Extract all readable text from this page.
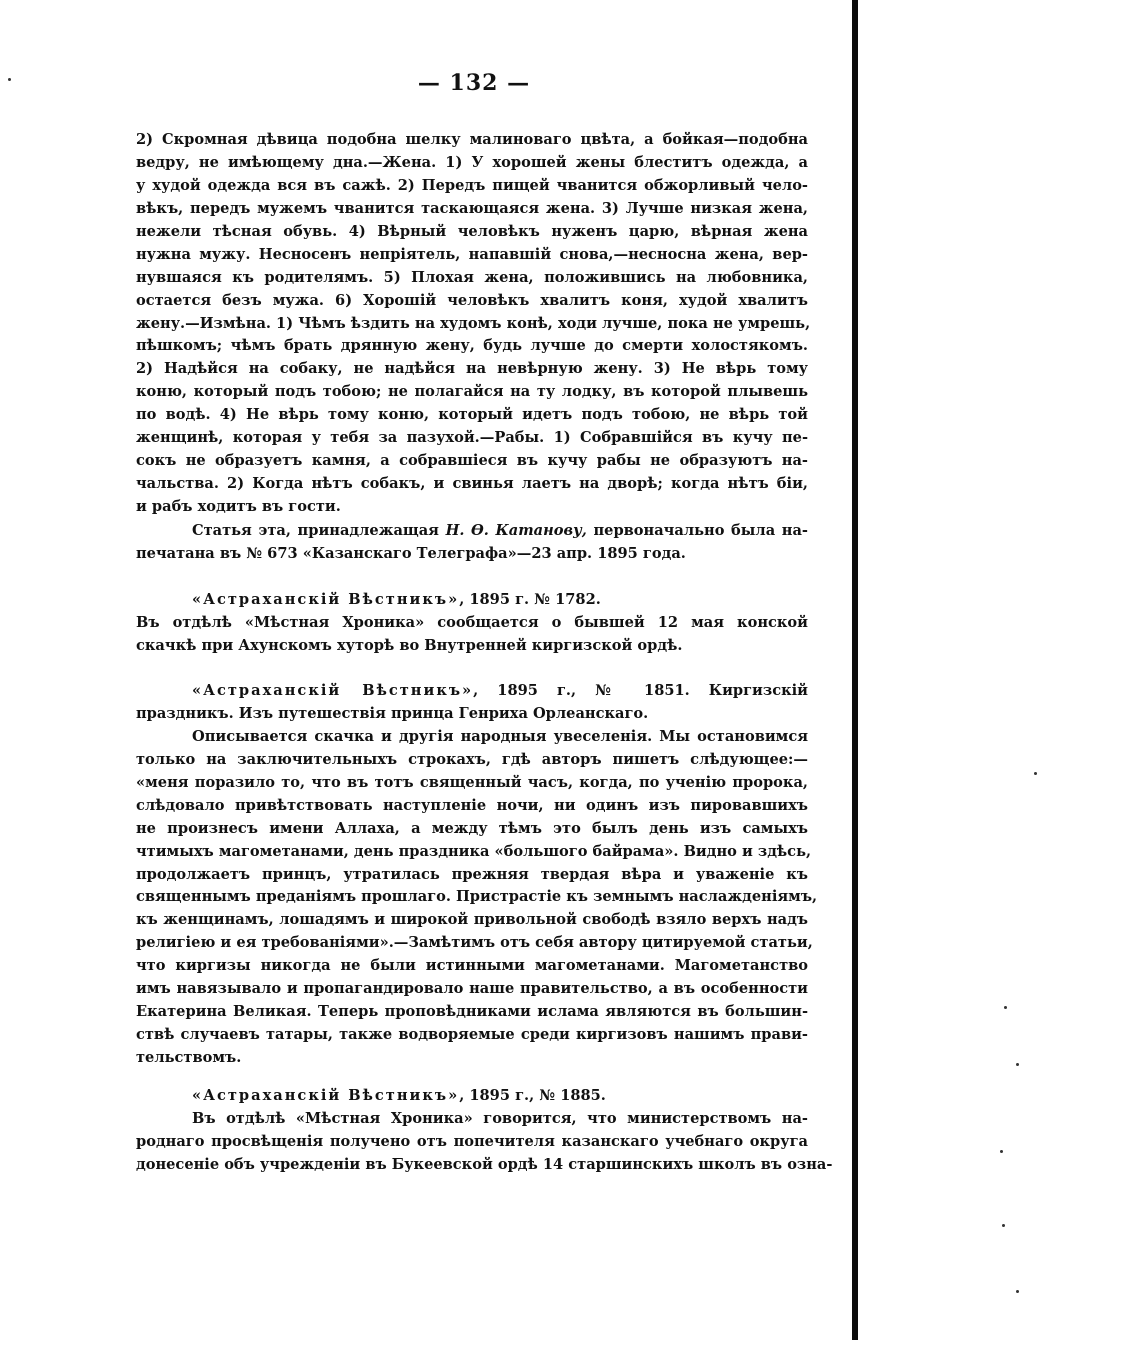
— 132 —
2) Скромная дѣвица подобна шелку малиноваго цвѣта, а бойкая—подобна
ведру, не имѣющему дна.—Жена. 1) У хорошей жены блеститъ одежда, а
у худой одежда вся въ сажѣ. 2) Передъ пищей чванится обжорливый чело-
вѣкъ, передъ мужемъ чванится таскающаяся жена. 3) Лучше низкая жена,
нежели тѣсная обувь. 4) Вѣрный человѣкъ нуженъ царю, вѣрная жена
нужна мужу. Несносенъ непріятель, напавшій снова,—несносна жена, вер-
нувшаяся къ родителямъ. 5) Плохая жена, положившись на любовника,
остается безъ мужа. 6) Хорошій человѣкъ хвалитъ коня, худой хвалитъ
жену.—Измѣна. 1) Чѣмъ ѣздить на худомъ конѣ, ходи лучше, пока не умрешь,
пѣшкомъ; чѣмъ брать дрянную жену, будь лучше до смерти холостякомъ.
2) Надѣйся на собаку, не надѣйся на невѣрную жену. 3) Не вѣрь тому
коню, который подъ тобою; не полагайся на ту лодку, въ которой плывешь
по водѣ. 4) Не вѣрь тому коню, который идетъ подъ тобою, не вѣрь той
женщинѣ, которая у тебя за пазухой.—Рабы. 1) Собравшійся въ кучу пе-
сокъ не образуетъ камня, а собравшіеся въ кучу рабы не образуютъ на-
чальства. 2) Когда нѣтъ собакъ, и свинья лаетъ на дворѣ; когда нѣтъ біи,
и рабъ ходитъ въ гости.
Статья эта, принадлежащая Н. Ѳ. Катанову, первоначально была на-
печатана въ № 673 «Казанскаго Телеграфа»—23 апр. 1895 года.
«Астраханскій Вѣстникъ», 1895 г. № 1782.
Въ отдѣлѣ «Мѣстная Хроника» сообщается о бывшей 12 мая конской
скачкѣ при Ахунскомъ хуторѣ во Внутренней киргизской ордѣ.
«Астраханскій Вѣстникъ», 1895 г., № 1851. Киргизскій
праздникъ. Изъ путешествія принца Генриха Орлеанскаго.
Описывается скачка и другія народныя увеселенія. Мы остановимся
только на заключительныхъ строкахъ, гдѣ авторъ пишетъ слѣдующее:—
«меня поразило то, что въ тотъ священный часъ, когда, по ученію пророка,
слѣдовало привѣтствовать наступленіе ночи, ни одинъ изъ пировавшихъ
не произнесъ имени Аллаха, а между тѣмъ это былъ день изъ самыхъ
чтимыхъ магометанами, день праздника «большого байрама». Видно и здѣсь,
продолжаетъ принцъ, утратилась прежняя твердая вѣра и уваженіе къ
священнымъ преданіямъ прошлаго. Пристрастіе къ земнымъ наслажденіямъ,
къ женщинамъ, лошадямъ и широкой привольной свободѣ взяло верхъ надъ
религіею и ея требованіями».—Замѣтимъ отъ себя автору цитируемой статьи,
что киргизы никогда не были истинными магометанами. Магометанство
имъ навязывало и пропагандировало наше правительство, а въ особенности
Екатерина Великая. Теперь проповѣдниками ислама являются въ большин-
ствѣ случаевъ татары, также водворяемые среди киргизовъ нашимъ прави-
тельствомъ.
«Астраханскій Вѣстникъ», 1895 г., № 1885.
Въ отдѣлѣ «Мѣстная Хроника» говорится, что министерствомъ на-
роднаго просвѣщенія получено отъ попечителя казанскаго учебнаго округа
донесеніе объ учрежденіи въ Букеевской ордѣ 14 старшинскихъ школъ въ озна-
